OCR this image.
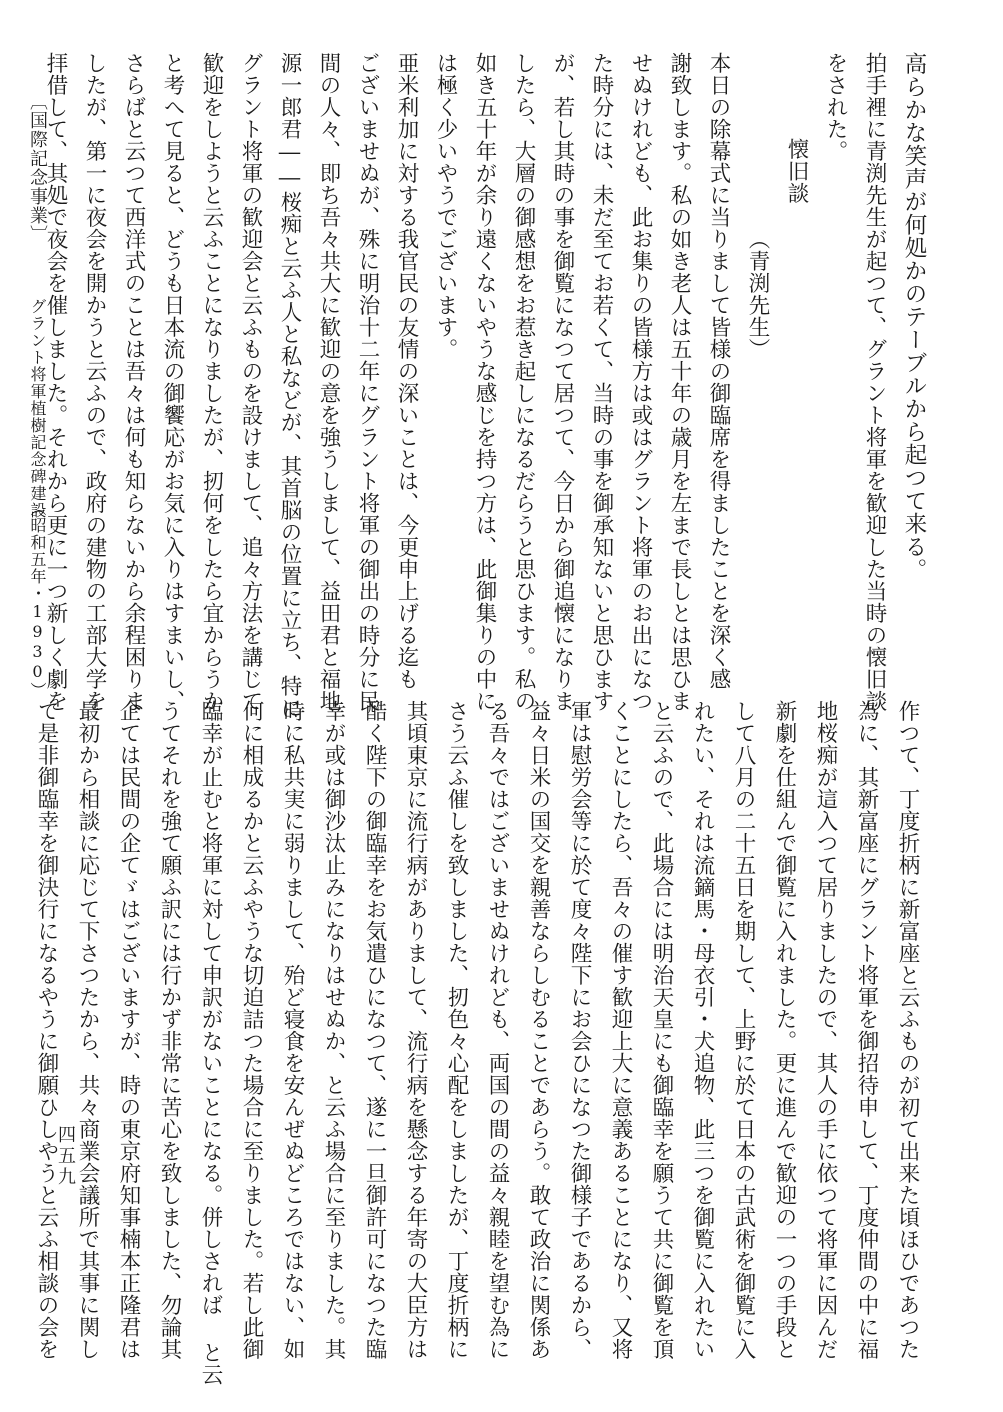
高らかな笑声が何処かのテーブルから起つて来る。
拍手裡に青渕先生が起つて、グラント将軍を歓迎した当時の懐旧談
をされた。
懐旧談
（青渕先生）
本日の除幕式に当りまして皆様の御臨席を得ましたことを深く感
謝致します。私の如き老人は五十年の歳月を左まで長しとは思ひま
せぬけれども、此お集りの皆様方は或はグラント将軍のお出になつ
た時分には、未だ至てお若くて、当時の事を御承知ないと思ひます
が、若し其時の事を御覧になつて居つて、今日から御追懐になりま
したら、大層の御感想をお惹き起しになるだらうと思ひます。私の
如き五十年が余り遠くないやうな感じを持つ方は、此御集りの中に
は極く少いやうでございます。
亜米利加に対する我官民の友情の深いことは、今更申上げる迄も
ございませぬが、殊に明治十二年にグラント将軍の御出の時分に民
間の人々、即ち吾々共大に歓迎の意を強うしまして、益田君と福地
源一郎君――桜痴と云ふ人と私などが、其首脳の位置に立ち、特に
グラント将軍の歓迎会と云ふものを設けまして、追々方法を講じて
歓迎をしようと云ふことになりましたが、扨何をしたら宜からうか
と考へて見ると、どうも日本流の御饗応がお気に入りはすまいし、
さらばと云つて西洋式のことは吾々は何も知らないから余程困りま
したが、第一に夜会を開かうと云ふので、政府の建物の工部大学を
拝借して、其処で夜会を催しました。それから更に一つ新しく劇を
作つて、丁度折柄に新富座と云ふものが初て出来た頃ほひであつた
為に、其新富座にグラント将軍を御招待申して、丁度仲間の中に福
地桜痴が這入つて居りましたので、其人の手に依つて将軍に因んだ
新劇を仕組んで御覧に入れました。更に進んで歓迎の一つの手段と
して八月の二十五日を期して、上野に於て日本の古武術を御覧に入
れたい、それは流鏑馬・母衣引・犬追物、此三つを御覧に入れたい
と云ふので、此場合には明治天皇にも御臨幸を願うて共に御覧を頂
くことにしたら、吾々の催す歓迎上大に意義あることになり、又将
軍は慰労会等に於て度々陛下にお会ひになつた御様子であるから、
益々日米の国交を親善ならしむることであらう。敢て政治に関係あ
る吾々ではございませぬけれども、両国の間の益々親睦を望む為に
さう云ふ催しを致しました、扨色々心配をしましたが、丁度折柄に
其頃東京に流行病がありまして、流行病を懸念する年寄の大臣方は
酷く陛下の御臨幸をお気遣ひになつて、遂に一旦御許可になつた臨
幸が或は御沙汰止みになりはせぬか、と云ふ場合に至りました。其
時に私共実に弱りまして、殆ど寝食を安んぜぬどころではない、如
何に相成るかと云ふやうな切迫詰つた場合に至りました。若し此御
臨幸が止むと将軍に対して申訳がないことになる。併しされば と云
うてそれを強て願ふ訳には行かず非常に苦心を致しました、勿論其
企ては民間の企てゞはございますが、時の東京府知事楠本正隆君は
最初から相談に応じて下さつたから、共々商業会議所で其事に関し
て是非御臨幸を御決行になるやうに御願ひしやうと云ふ相談の会を
〔国際記念事業〕
グラント将軍植樹記念碑建設
（昭和五年・1930）
四五九
